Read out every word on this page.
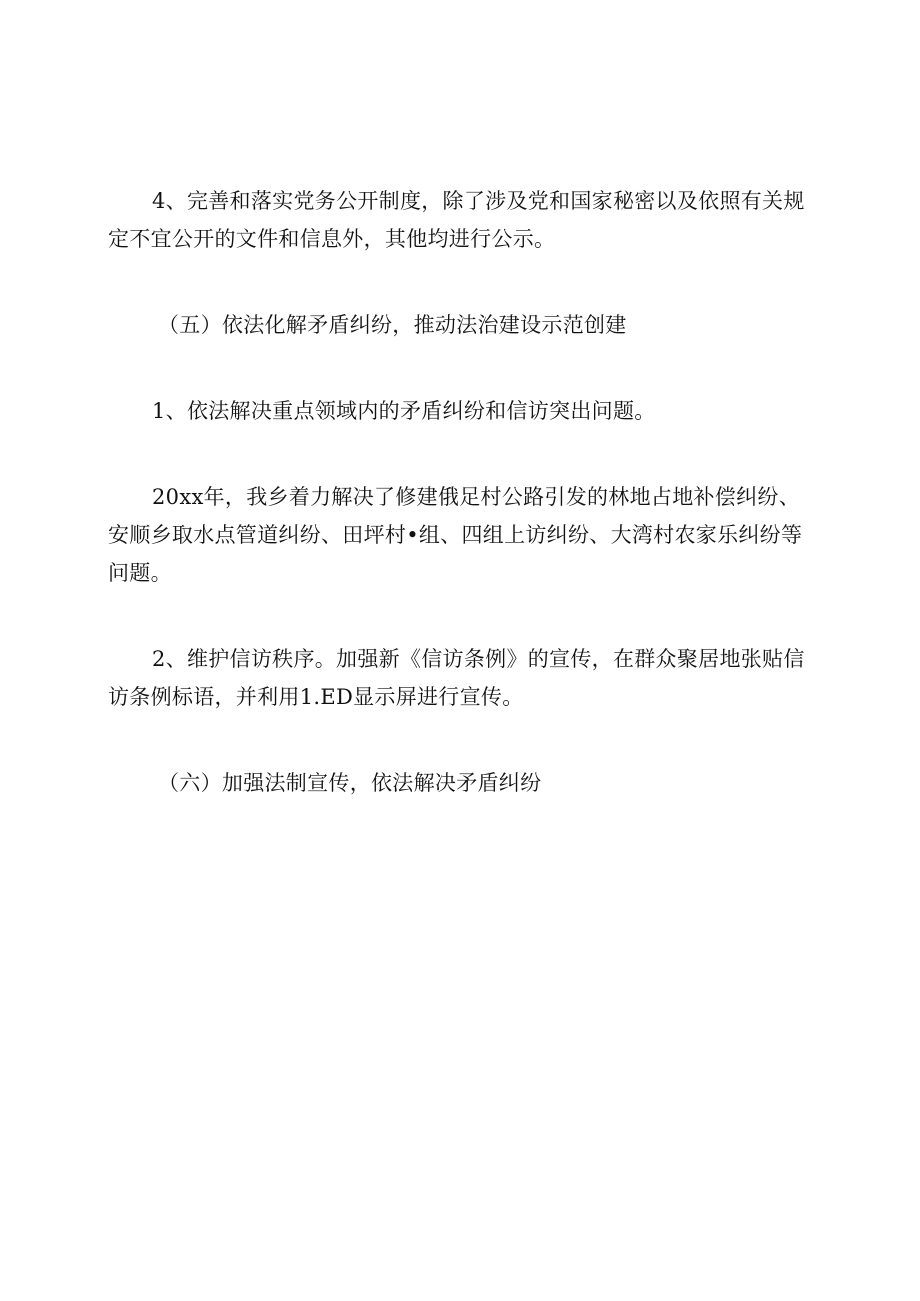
4、完善和落实党务公开制度，除了涉及党和国家秘密以及依照有关规定不宜公开的文件和信息外，其他均进行公示。

（五）依法化解矛盾纠纷，推动法治建设示范创建

1、依法解决重点领域内的矛盾纠纷和信访突出问题。

20xx年，我乡着力解决了修建俄足村公路引发的林地占地补偿纠纷、安顺乡取水点管道纠纷、田坪村•组、四组上访纠纷、大湾村农家乐纠纷等问题。

2、维护信访秩序。加强新《信访条例》的宣传，在群众聚居地张贴信访条例标语，并利用1.ED显示屏进行宣传。

（六）加强法制宣传，依法解决矛盾纠纷
